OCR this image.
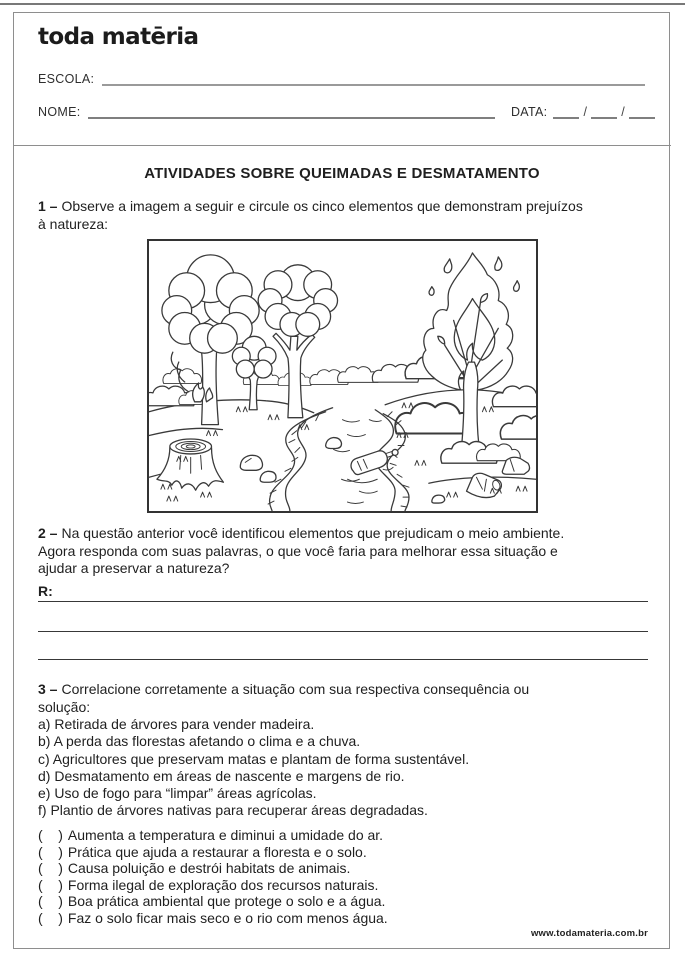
toda matēria
ESCOLA:
NOME:	DATA:	/	/
ATIVIDADES SOBRE QUEIMADAS E DESMATAMENTO
1 – Observe a imagem a seguir e circule os cinco elementos que demonstram prejuízos
à natureza:
2 – Na questão anterior você identificou elementos que prejudicam o meio ambiente.
Agora responda com suas palavras, o que você faria para melhorar essa situação e
ajudar a preservar a natureza?
R:
3 – Correlacione corretamente a situação com sua respectiva consequência ou
solução:
a) Retirada de árvores para vender madeira.
b) A perda das florestas afetando o clima e a chuva.
c) Agricultores que preservam matas e plantam de forma sustentável.
d) Desmatamento em áreas de nascente e margens de rio.
e) Uso de fogo para “limpar” áreas agrícolas.
f) Plantio de árvores nativas para recuperar áreas degradadas.
(    ) Aumenta a temperatura e diminui a umidade do ar.
(    ) Prática que ajuda a restaurar a floresta e o solo.
(    ) Causa poluição e destrói habitats de animais.
(    ) Forma ilegal de exploração dos recursos naturais.
(    ) Boa prática ambiental que protege o solo e a água.
(    ) Faz o solo ficar mais seco e o rio com menos água.
www.todamateria.com.br
